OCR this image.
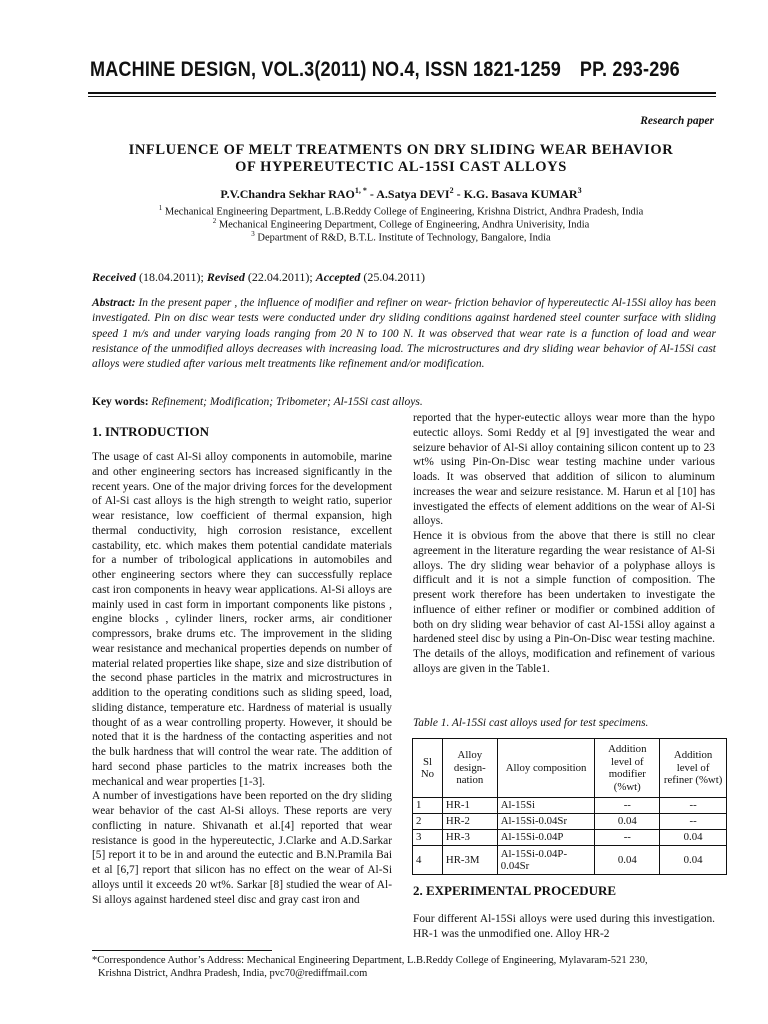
MACHINE DESIGN, VOL.3(2011) NO.4, ISSN 1821-1259 PP. 293-296
Research paper
INFLUENCE OF MELT TREATMENTS ON DRY SLIDING WEAR BEHAVIOR
OF HYPEREUTECTIC AL-15SI CAST ALLOYS
P.V.Chandra Sekhar $RAO^{1, *}$ - A.Satya DEVI$^2$ - K.G. Basava KUMAR$^3$
$^1$ Mechanical Engineering Department, L.B.Reddy College of Engineering, Krishna District, Andhra Pradesh, India
$^2$ Mechanical Engineering Department, College of Engineering, Andhra Univerisity, India
$^3$ Department of R&D, B.T.L. Institute of Technology, Bangalore, India
Received (18.04.2011); Revised (22.04.2011); Accepted (25.04.2011)
Abstract: In the present paper , the influence of modifier and refiner on wear- friction behavior of hypereutectic Al-15Si alloy has been investigated. Pin on disc wear tests were conducted under dry sliding conditions against hardened steel counter surface with sliding speed 1 m/s and under varying loads ranging from 20 N to 100 N. It was observed that wear rate is a function of load and wear resistance of the unmodified alloys decreases with increasing load. The microstructures and dry sliding wear behavior of Al-15Si cast alloys were studied after various melt treatments like refinement and/or modification.
Key words: Refinement; Modification; Tribometer; Al-15Si cast alloys.
1. INTRODUCTION

The usage of cast Al-Si alloy components in automobile, marine and other engineering sectors has increased significantly in the recent years. One of the major driving forces for the development of Al-Si cast alloys is the high strength to weight ratio, superior wear resistance, low coefficient of thermal expansion, high thermal conductivity, high corrosion resistance, excellent castability, etc. which makes them potential candidate materials for a number of tribological applications in automobiles and other engineering sectors where they can successfully replace cast iron components in heavy wear applications. Al-Si alloys are mainly used in cast form in important components like pistons , engine blocks , cylinder liners, rocker arms, air conditioner compressors, brake drums etc. The improvement in the sliding wear resistance and mechanical properties depends on number of material related properties like shape, size and size distribution of the second phase particles in the matrix and microstructures in addition to the operating conditions such as sliding speed, load, sliding distance, temperature etc. Hardness of material is usually thought of as a wear controlling property. However, it should be noted that it is the hardness of the contacting asperities and not the bulk hardness that will control the wear rate. The addition of hard second phase particles to the matrix increases both the mechanical and wear properties [1-3].

A number of investigations have been reported on the dry sliding wear behavior of the cast Al-Si alloys. These reports are very conflicting in nature. Shivanath et al.[4] reported that wear resistance is good in the hypereutectic, J.Clarke and A.D.Sarkar [5] report it to be in and around the eutectic and B.N.Pramila Bai et al [6,7] report that silicon has no effect on the wear of Al-Si alloys until it exceeds 20 wt%. Sarkar [8] studied the wear of Al-Si alloys against hardened steel disc and gray cast iron and

reported that the hyper-eutectic alloys wear more than the hypo eutectic alloys. Somi Reddy et al [9] investigated the wear and seizure behavior of Al-Si alloy containing silicon content up to 23 wt% using Pin-On-Disc wear testing machine under various loads. It was observed that addition of silicon to aluminum increases the wear and seizure resistance. M. Harun et al [10] has investigated the effects of element additions on the wear of Al-Si alloys.

Hence it is obvious from the above that there is still no clear agreement in the literature regarding the wear resistance of Al-Si alloys. The dry sliding wear behavior of a polyphase alloys is difficult and it is not a simple function of composition. The present work therefore has been undertaken to investigate the influence of either refiner or modifier or combined addition of both on dry sliding wear behavior of cast Al-15Si alloy against a hardened steel disc by using a Pin-On-Disc wear testing machine. The details of the alloys, modification and refinement of various alloys are given in the Table1.

Table 1. Al-15Si cast alloys used for test specimens.
Sl No	Alloy design-nation	Alloy composition	Addition level of modifier (%wt)	Addition level of refiner (%wt)
1	HR-1	Al-15Si	--	--
2	HR-2	Al-15Si-0.04Sr	0.04	--
3	HR-3	Al-15Si-0.04P	--	0.04
4	HR-3M	Al-15Si-0.04P-0.04Sr	0.04	0.04
2. EXPERIMENTAL PROCEDURE
Four different Al-15Si alloys were used during this investigation. HR-1 was the unmodified one. Alloy HR-2
*Correspondence Author’s Address: Mechanical Engineering Department, L.B.Reddy College of Engineering, Mylavaram-521 230,
Krishna District, Andhra Pradesh, India, pvc70@rediffmail.com
